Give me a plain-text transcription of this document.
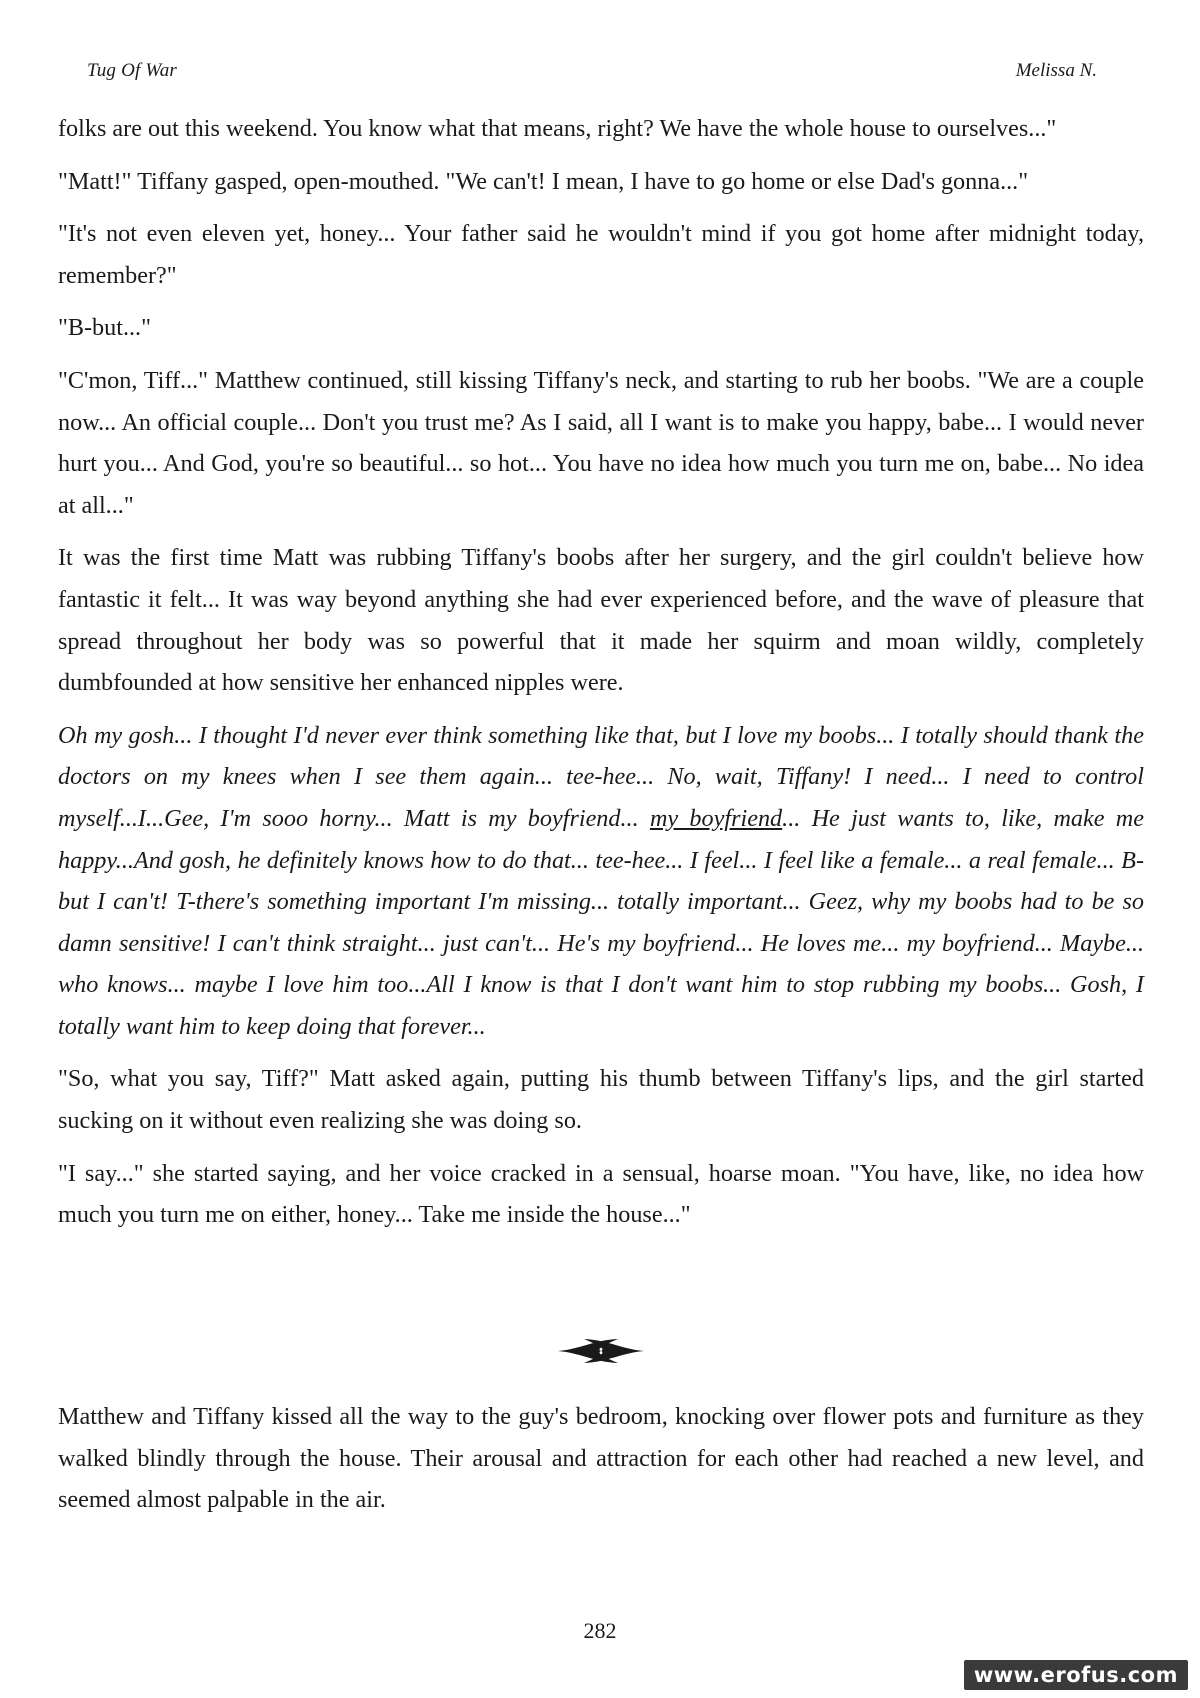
Tug Of War	Melissa N.

folks are out this weekend. You know what that means, right? We have the whole house to ourselves..."

"Matt!" Tiffany gasped, open-mouthed. "We can't! I mean, I have to go home or else Dad's gonna..."

"It's not even eleven yet, honey... Your father said he wouldn't mind if you got home after midnight today, remember?"

"B-but..."

"C'mon, Tiff..." Matthew continued, still kissing Tiffany's neck, and starting to rub her boobs. "We are a couple now... An official couple... Don't you trust me? As I said, all I want is to make you happy, babe... I would never hurt you... And God, you're so beautiful... so hot... You have no idea how much you turn me on, babe... No idea at all..."

It was the first time Matt was rubbing Tiffany's boobs after her surgery, and the girl couldn't believe how fantastic it felt... It was way beyond anything she had ever experienced before, and the wave of pleasure that spread throughout her body was so powerful that it made her squirm and moan wildly, completely dumbfounded at how sensitive her enhanced nipples were.

Oh my gosh... I thought I'd never ever think something like that, but I love my boobs... I totally should thank the doctors on my knees when I see them again... tee-hee... No, wait, Tiffany! I need... I need to control myself...I...Gee, I'm sooo horny... Matt is my boyfriend... my boyfriend... He just wants to, like, make me happy...And gosh, he definitely knows how to do that... tee-hee... I feel... I feel like a female... a real female... B-but I can't! T-there's something important I'm missing... totally important... Geez, why my boobs had to be so damn sensitive! I can't think straight... just can't... He's my boyfriend... He loves me... my boyfriend... Maybe... who knows... maybe I love him too...All I know is that I don't want him to stop rubbing my boobs... Gosh, I totally want him to keep doing that forever...

"So, what you say, Tiff?" Matt asked again, putting his thumb between Tiffany's lips, and the girl started sucking on it without even realizing she was doing so.

"I say..." she started saying, and her voice cracked in a sensual, hoarse moan. "You have, like, no idea how much you turn me on either, honey... Take me inside the house..."

Matthew and Tiffany kissed all the way to the guy's bedroom, knocking over flower pots and furniture as they walked blindly through the house. Their arousal and attraction for each other had reached a new level, and seemed almost palpable in the air.

282
www.erofus.com
